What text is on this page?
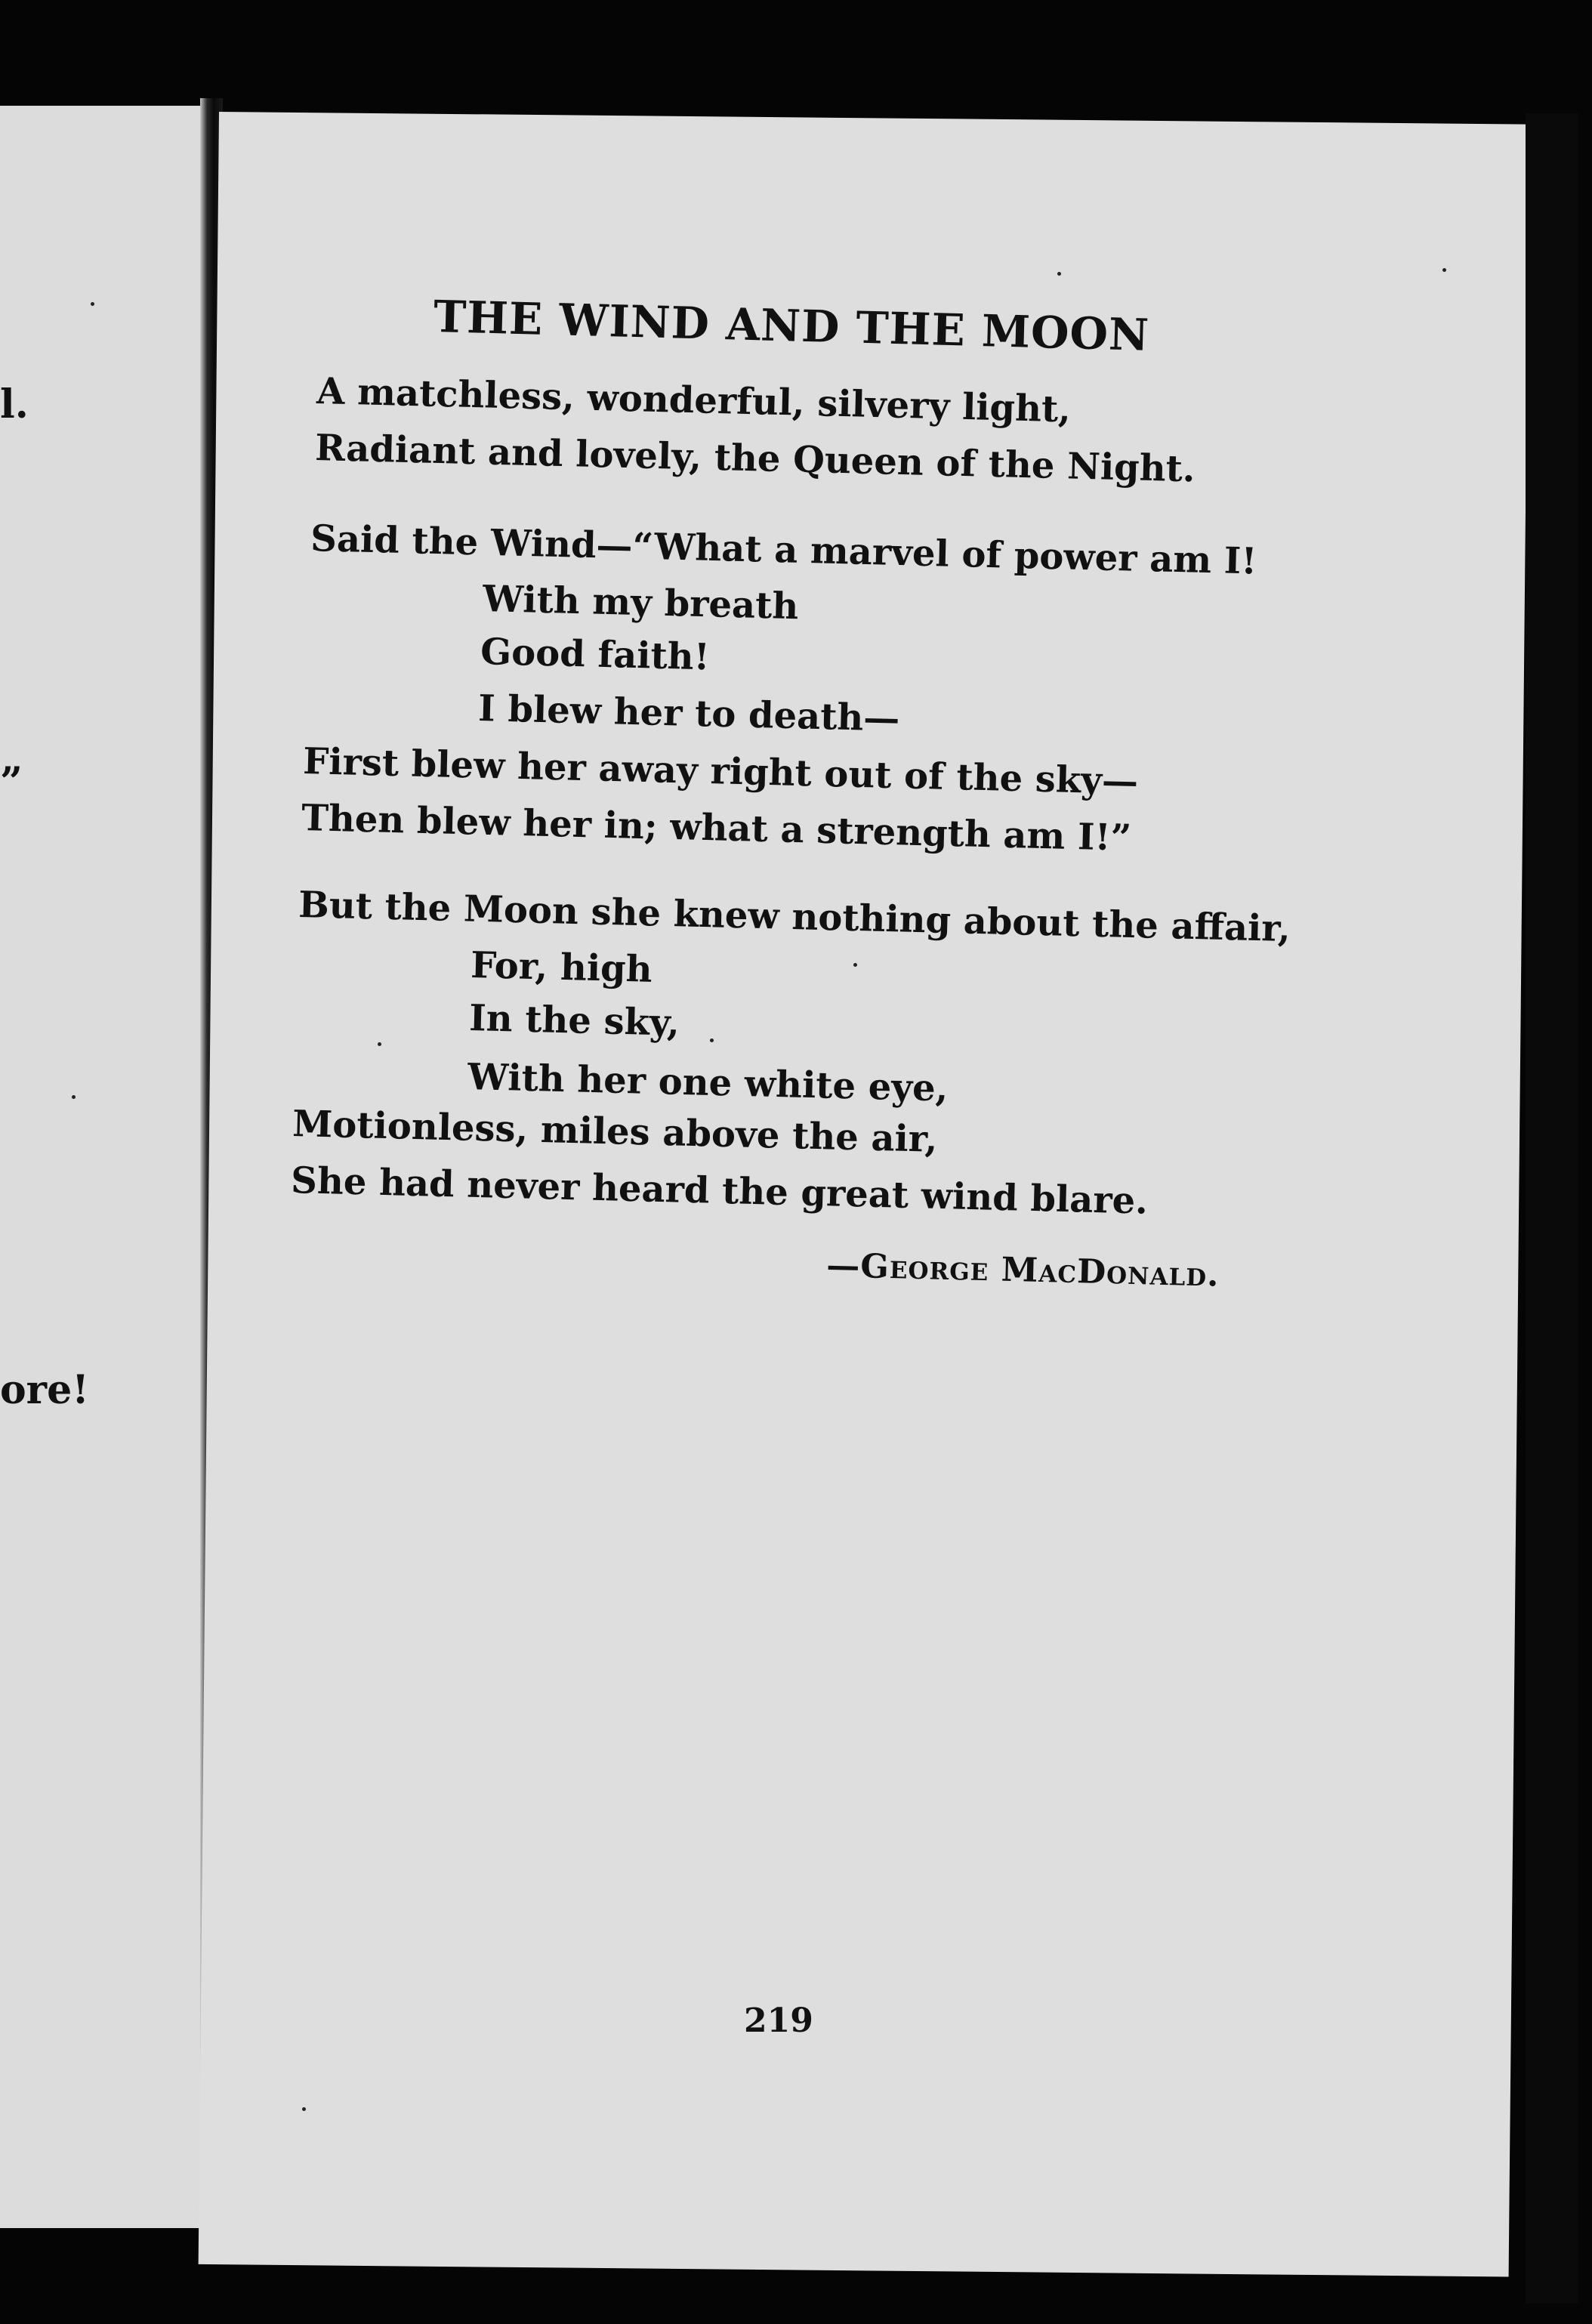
l.
”
ore!
THE WIND AND THE MOON
A matchless, wonderful, silvery light,
Radiant and lovely, the Queen of the Night.
Said the Wind—“What a marvel of power am I!
With my breath
Good faith!
I blew her to death—
First blew her away right out of the sky—
Then blew her in; what a strength am I!”
But the Moon she knew nothing about the affair,
For, high
In the sky,
With her one white eye,
Motionless, miles above the air,
She had never heard the great wind blare.
—George MacDonald.
219
